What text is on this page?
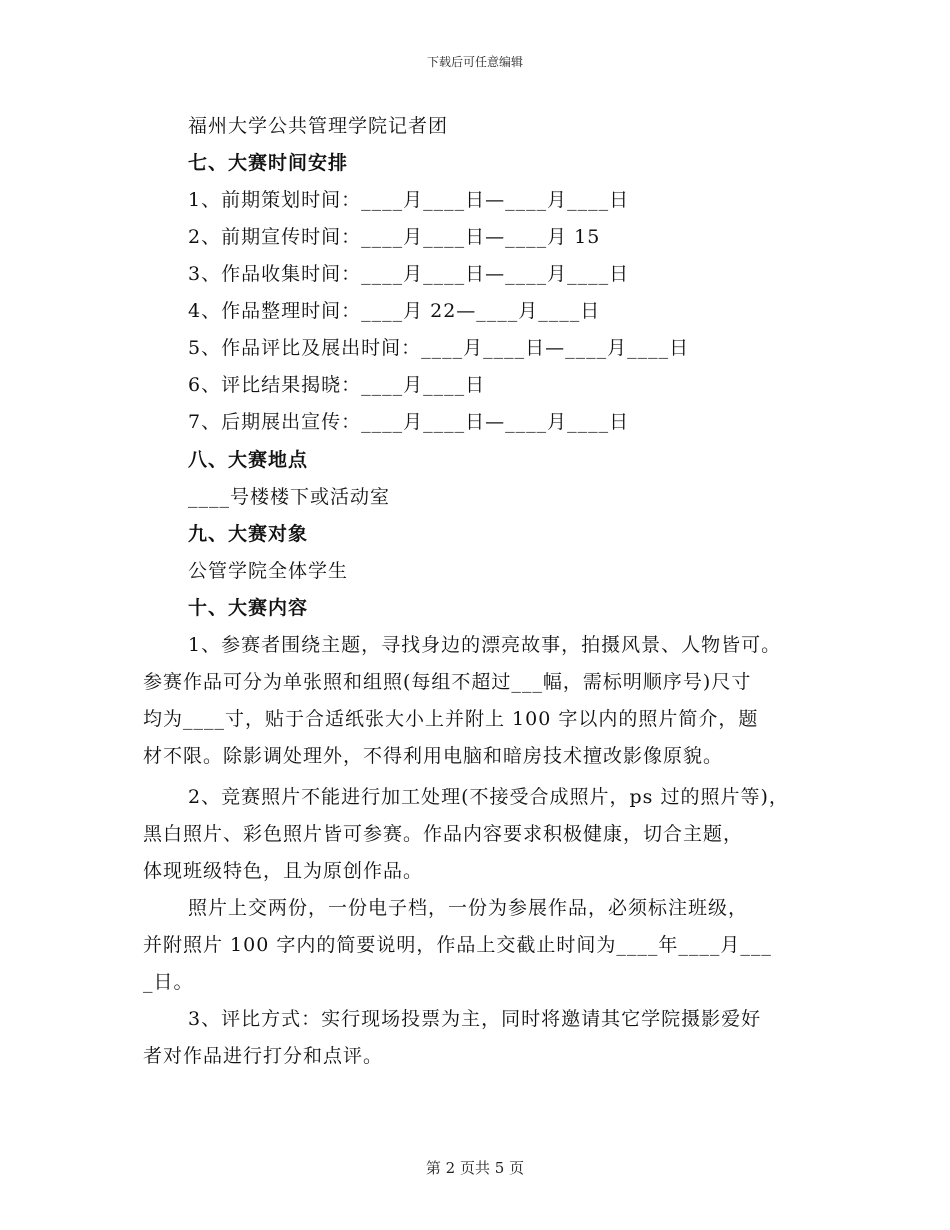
下载后可任意编辑
福州大学公共管理学院记者团
七、大赛时间安排
1、前期策划时间：____月____日—____月____日
2、前期宣传时间：____月____日—____月 15
3、作品收集时间：____月____日—____月____日
4、作品整理时间：____月 22—____月____日
5、作品评比及展出时间：____月____日—____月____日
6、评比结果揭晓：____月____日
7、后期展出宣传：____月____日—____月____日
八、大赛地点
____号楼楼下或活动室
九、大赛对象
公管学院全体学生
十、大赛内容
1、参赛者围绕主题，寻找身边的漂亮故事，拍摄风景、人物皆可。
参赛作品可分为单张照和组照(每组不超过___幅，需标明顺序号)尺寸
均为____寸，贴于合适纸张大小上并附上 100 字以内的照片简介，题
材不限。除影调处理外，不得利用电脑和暗房技术擅改影像原貌。
2、竞赛照片不能进行加工处理(不接受合成照片，ps 过的照片等)，
黑白照片、彩色照片皆可参赛。作品内容要求积极健康，切合主题，
体现班级特色，且为原创作品。
照片上交两份，一份电子档，一份为参展作品，必须标注班级，
并附照片 100 字内的简要说明，作品上交截止时间为____年____月___
_日。
3、评比方式：实行现场投票为主，同时将邀请其它学院摄影爱好
者对作品进行打分和点评。
第 2 页共 5 页
